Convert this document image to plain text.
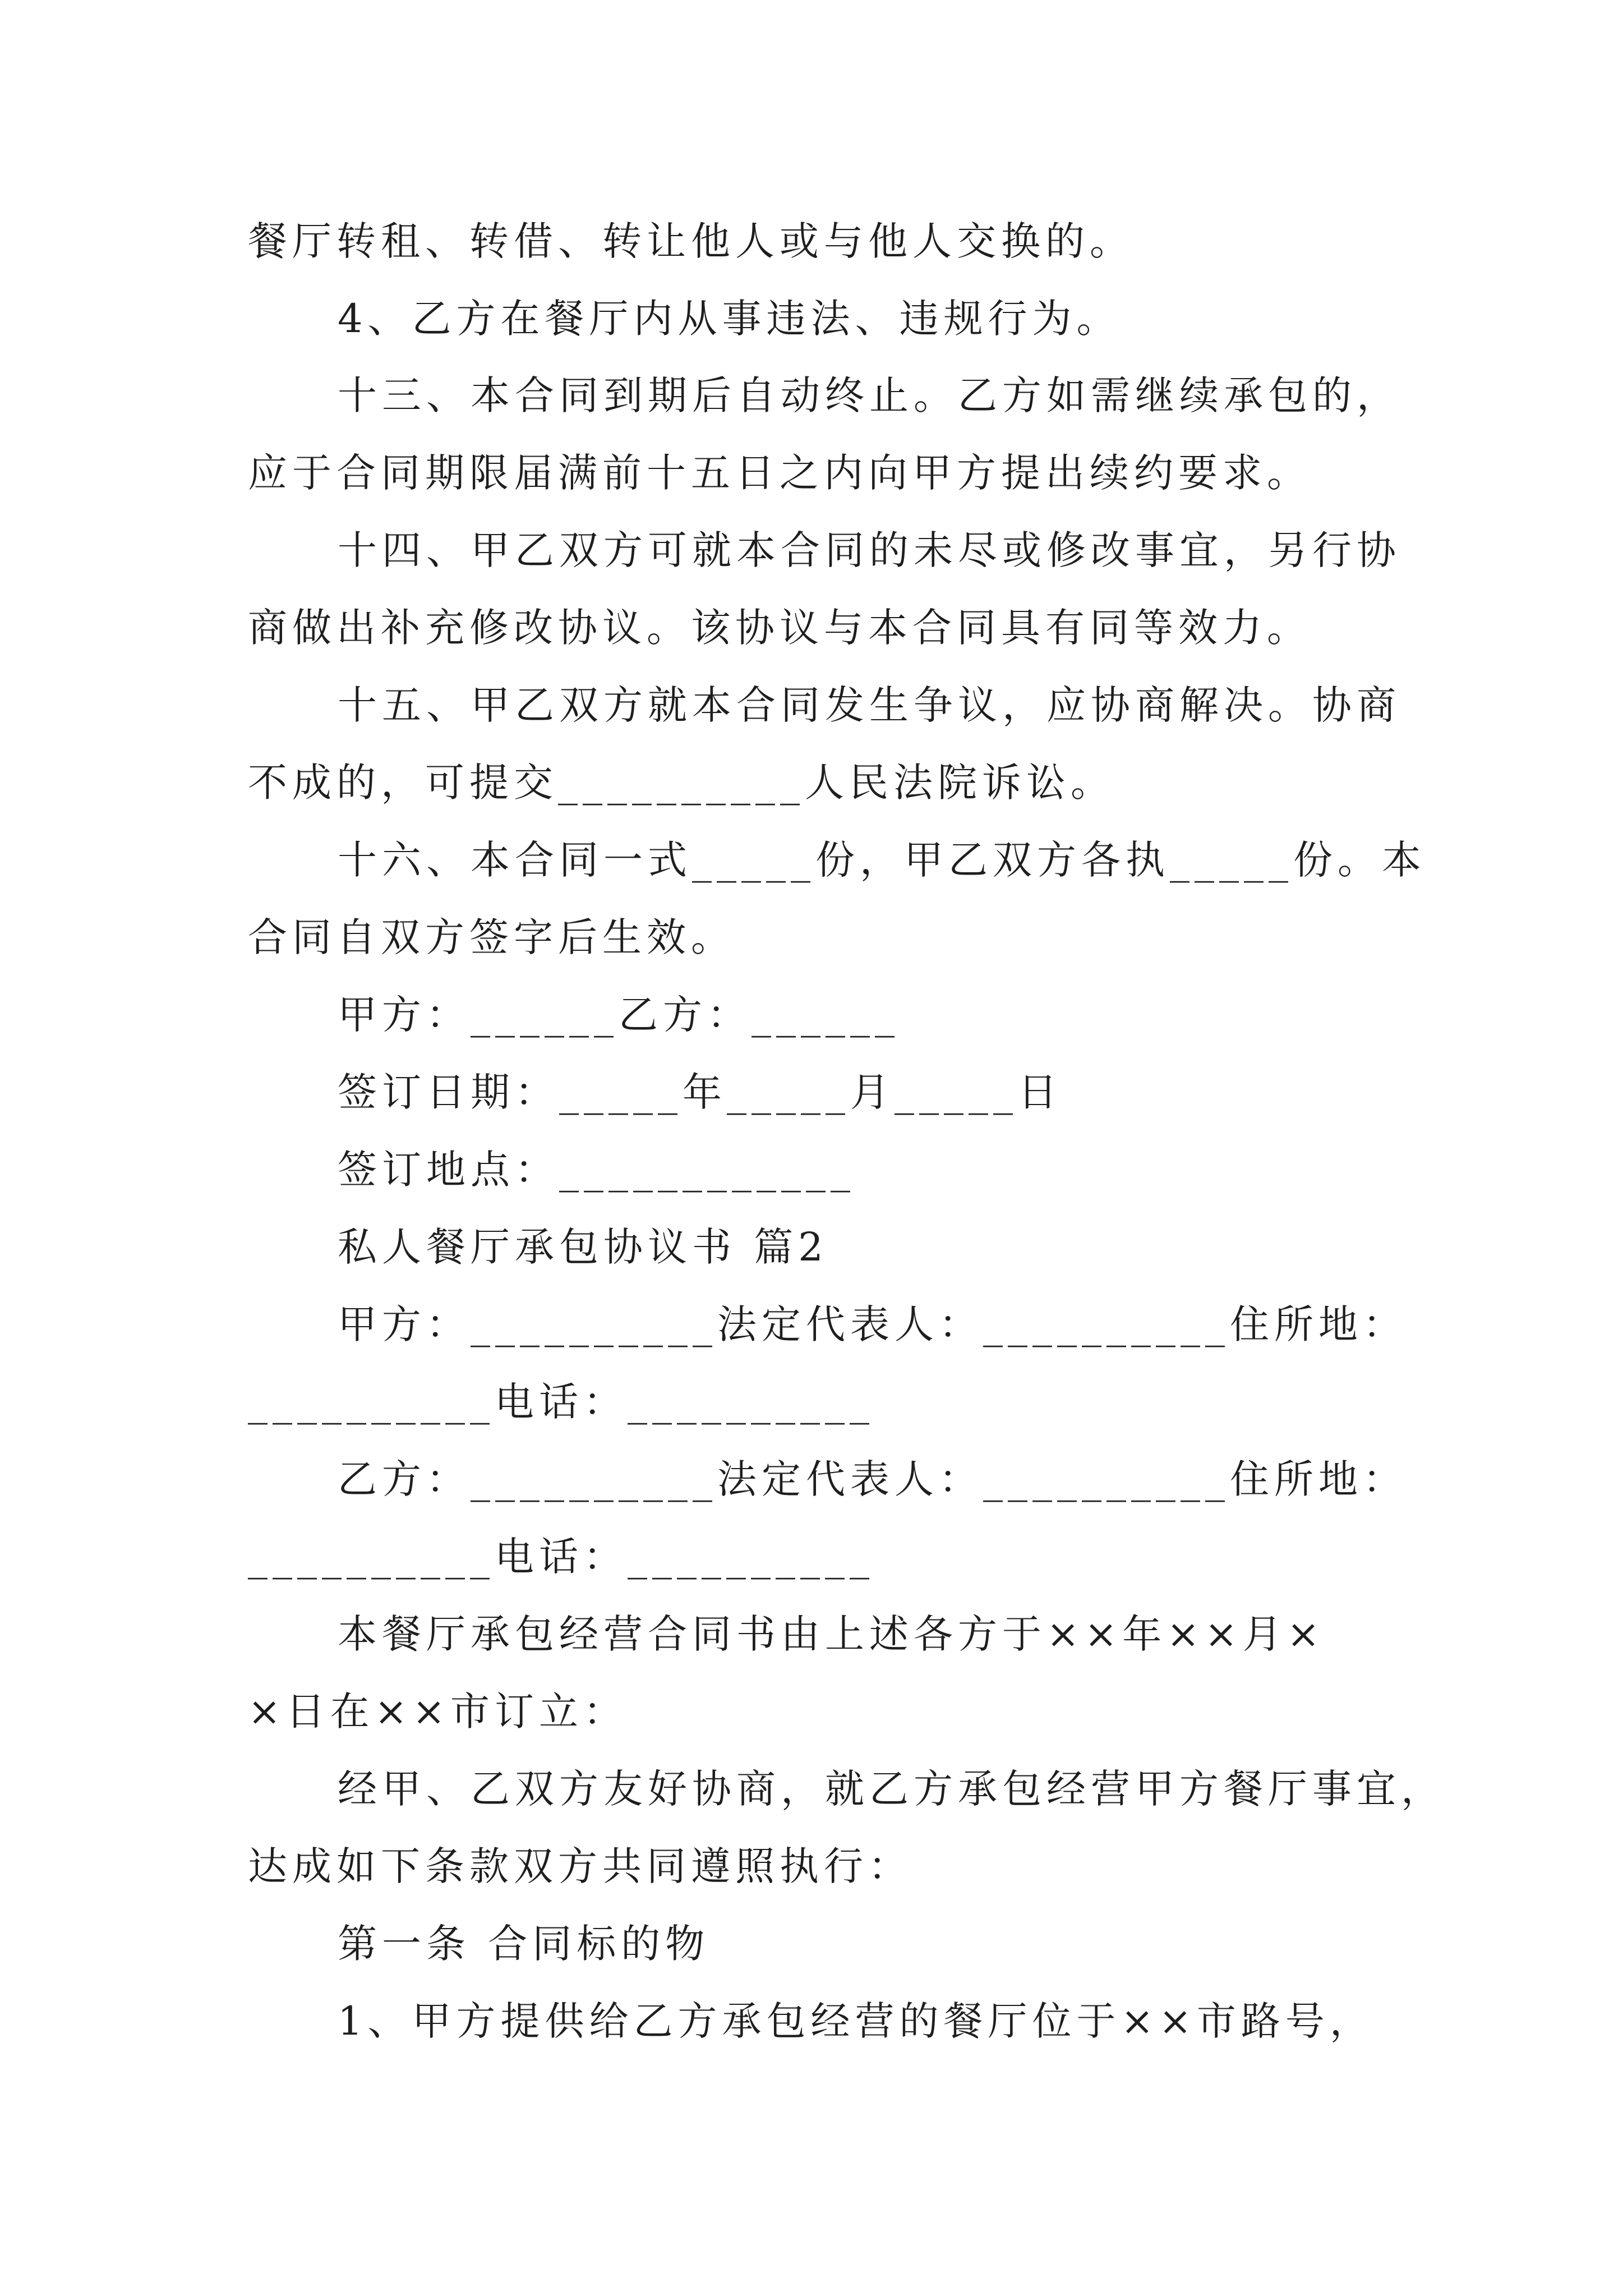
餐厅转租、转借、转让他人或与他人交换的。
4、乙方在餐厅内从事违法、违规行为。
十三、本合同到期后自动终止。乙方如需继续承包的，
应于合同期限届满前十五日之内向甲方提出续约要求。
十四、甲乙双方可就本合同的未尽或修改事宜，另行协
商做出补充修改协议。该协议与本合同具有同等效力。
十五、甲乙双方就本合同发生争议，应协商解决。协商
不成的，可提交__________人民法院诉讼。
十六、本合同一式_____份，甲乙双方各执_____份。本
合同自双方签字后生效。
甲方：______乙方：______
签订日期：_____年_____月_____日
签订地点：____________
私人餐厅承包协议书 篇2
甲方：__________法定代表人：__________住所地：
__________电话：__________
乙方：__________法定代表人：__________住所地：
__________电话：__________
本餐厅承包经营合同书由上述各方于××年××月×
×日在××市订立：
经甲、乙双方友好协商，就乙方承包经营甲方餐厅事宜，
达成如下条款双方共同遵照执行：
第一条 合同标的物
1、甲方提供给乙方承包经营的餐厅位于××市路号，
